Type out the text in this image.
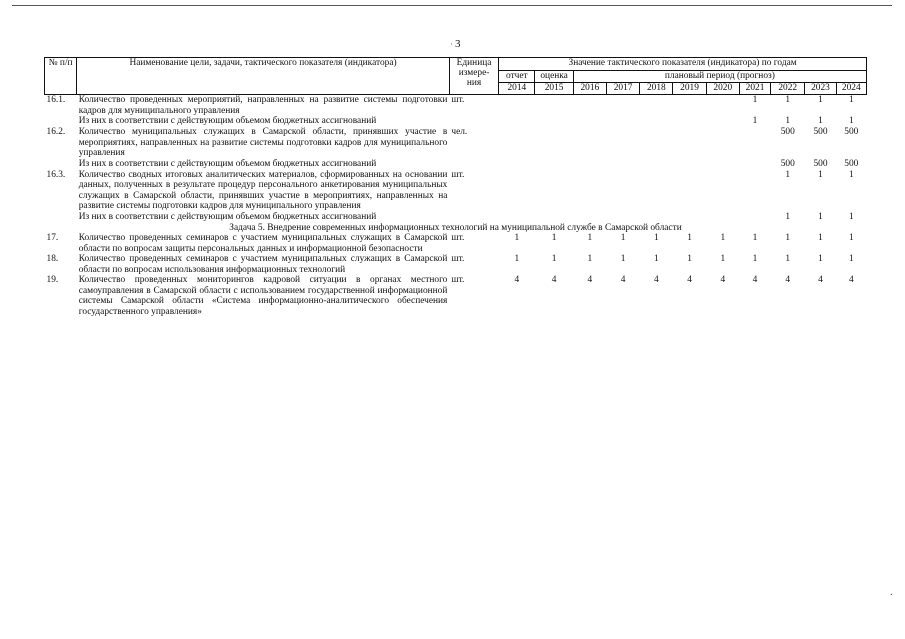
· 3
№ п/п	Наименование цели, задачи, тактического показателя (индикатора)	Единица измере-ния	Значение тактического показателя (индикатора) по годам										
			отчет	оценка	плановый период (прогноз)								
			2014	2015	2016	2017	2018	2019	2020	2021	2022	2023	2024
16.1.	Количество проведенных мероприятий, направленных на развитие системы подготовки кадров для муниципального управления	шт.								1	1	1	1
	Из них в соответствии с действующим объемом бюджетных ассигнований									1	1	1	1
16.2.	Количество муниципальных служащих в Самарской области, принявших участие в мероприятиях, направленных на развитие системы подготовки кадров для муниципального управления	чел.									500	500	500
	Из них в соответствии с действующим объемом бюджетных ассигнований										500	500	500
16.3.	Количество сводных итоговых аналитических материалов, сформированных на основании данных, полученных в результате процедур персонального анкетирования муниципальных служащих в Самарской области, принявших участие в мероприятиях, направленных на развитие системы подготовки кадров для муниципального управления	шт.									1	1	1
	Из них в соответствии с действующим объемом бюджетных ассигнований										1	1	1
Задача 5. Внедрение современных информационных технологий на муниципальной службе в Самарской области													
17.	Количество проведенных семинаров с участием муниципальных служащих в Самарской области по вопросам защиты персональных данных и информационной безопасности	шт.	1	1	1	1	1	1	1	1	1	1	1
18.	Количество проведенных семинаров с участием муниципальных служащих в Самарской области по вопросам использования информационных технологий	шт.	1	1	1	1	1	1	1	1	1	1	1
19.	Количество проведенных мониторингов кадровой ситуации в органах местного самоуправления в Самарской области с использованием государственной информационной системы Самарской области «Система информационно-аналитического обеспечения государственного управления»	шт.	4	4	4	4	4	4	4	4	4	4	4
·
